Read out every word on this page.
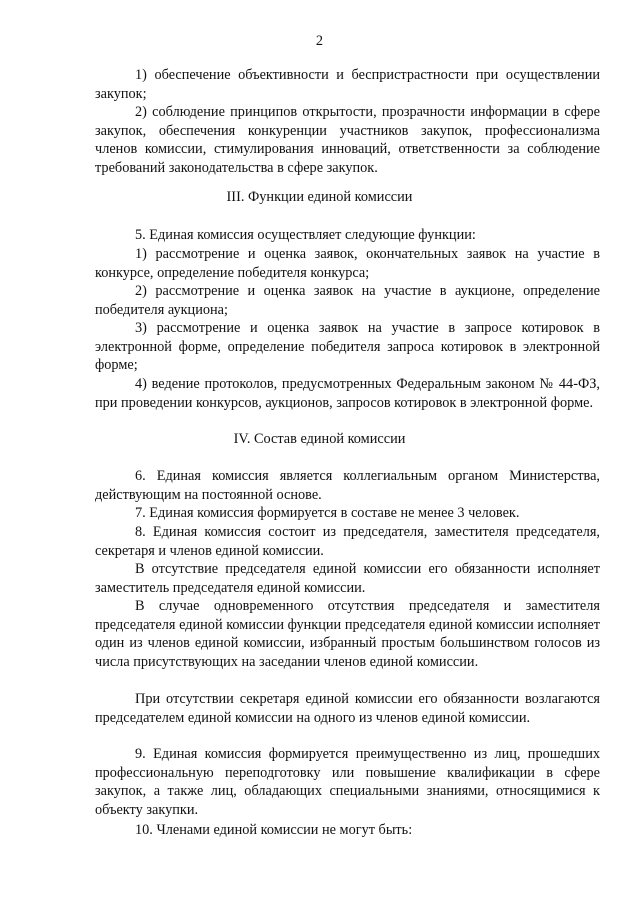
2
1) обеспечение объективности и беспристрастности при осуществлении закупок;
2) соблюдение принципов открытости, прозрачности информации в сфере закупок, обеспечения конкуренции участников закупок, профессионализма членов комиссии, стимулирования инноваций, ответственности за соблюдение требований законодательства в сфере закупок.
III. Функции единой комиссии
5. Единая комиссия осуществляет следующие функции:
1) рассмотрение и оценка заявок, окончательных заявок на участие в конкурсе, определение победителя конкурса;
2) рассмотрение и оценка заявок на участие в аукционе, определение победителя аукциона;
3) рассмотрение и оценка заявок на участие в запросе котировок в электронной форме, определение победителя запроса котировок в электронной форме;
4) ведение протоколов, предусмотренных Федеральным законом № 44-ФЗ, при проведении конкурсов, аукционов, запросов котировок в электронной форме.
IV. Состав единой комиссии
6. Единая комиссия является коллегиальным органом Министерства, действующим на постоянной основе.
7. Единая комиссия формируется в составе не менее 3 человек.
8. Единая комиссия состоит из председателя, заместителя председателя, секретаря и членов единой комиссии.
В отсутствие председателя единой комиссии его обязанности исполняет заместитель председателя единой комиссии.
В случае одновременного отсутствия председателя и заместителя председателя единой комиссии функции председателя единой комиссии исполняет один из членов единой комиссии, избранный простым большинством голосов из числа присутствующих на заседании членов единой комиссии.
При отсутствии секретаря единой комиссии его обязанности возлагаются председателем единой комиссии на одного из членов единой комиссии.
9. Единая комиссия формируется преимущественно из лиц, прошедших профессиональную переподготовку или повышение квалификации в сфере закупок, а также лиц, обладающих специальными знаниями, относящимися к объекту закупки.
10. Членами единой комиссии не могут быть:
